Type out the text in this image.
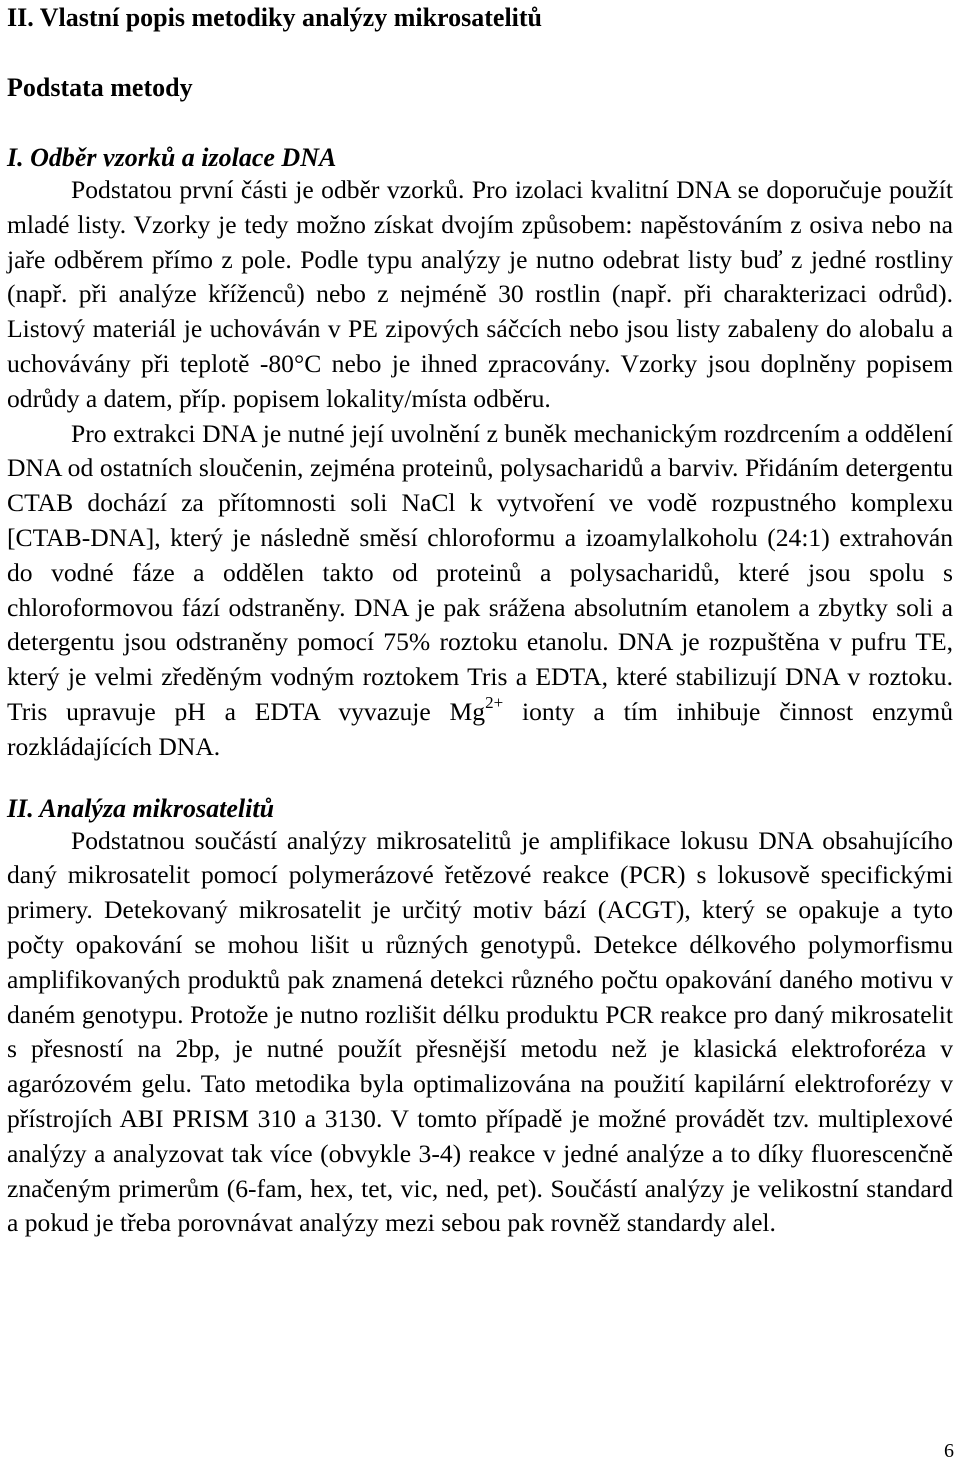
II. Vlastní popis metodiky analýzy mikrosatelitů
Podstata metody
I. Odběr vzorků a izolace DNA

Podstatou první části je odběr vzorků. Pro izolaci kvalitní DNA se doporučuje použít mladé listy. Vzorky je tedy možno získat dvojím způsobem: napěstováním z osiva nebo na jaře odběrem přímo z pole. Podle typu analýzy je nutno odebrat listy buď z jedné rostliny (např. při analýze kříženců) nebo z nejméně 30 rostlin (např. při charakterizaci odrůd). Listový materiál je uchováván v PE zipových sáčcích nebo jsou listy zabaleny do alobalu a uchovávány při teplotě -80°C nebo je ihned zpracovány. Vzorky jsou doplněny popisem odrůdy a datem, příp. popisem lokality/místa odběru.

Pro extrakci DNA je nutné její uvolnění z buněk mechanickým rozdrcením a oddělení DNA od ostatních sloučenin, zejména proteinů, polysacharidů a barviv. Přidáním detergentu CTAB dochází za přítomnosti soli NaCl k vytvoření ve vodě rozpustného komplexu [CTAB-DNA], který je následně směsí chloroformu a izoamylalkoholu (24:1) extrahován do vodné fáze a oddělen takto od proteinů a polysacharidů, které jsou spolu s chloroformovou fází odstraněny. DNA je pak srážena absolutním etanolem a zbytky soli a detergentu jsou odstraněny pomocí 75% roztoku etanolu. DNA je rozpuštěna v pufru TE, který je velmi zředěným vodným roztokem Tris a EDTA, které stabilizují DNA v roztoku. Tris upravuje pH a EDTA vyvazuje $Mg^{2+}$ ionty a tím inhibuje činnost enzymů rozkládajících DNA.

II. Analýza mikrosatelitů

Podstatnou součástí analýzy mikrosatelitů je amplifikace lokusu DNA obsahujícího daný mikrosatelit pomocí polymerázové řetězové reakce (PCR) s lokusově specifickými primery. Detekovaný mikrosatelit je určitý motiv bází (ACGT), který se opakuje a tyto počty opakování se mohou lišit u různých genotypů. Detekce délkového polymorfismu amplifikovaných produktů pak znamená detekci různého počtu opakování daného motivu v daném genotypu. Protože je nutno rozlišit délku produktu PCR reakce pro daný mikrosatelit s přesností na 2bp, je nutné použít přesnější metodu než je klasická elektroforéza v agarózovém gelu. Tato metodika byla optimalizována na použití kapilární elektroforézy v přístrojích ABI PRISM 310 a 3130. V tomto případě je možné provádět tzv. multiplexové analýzy a analyzovat tak více (obvykle 3-4) reakce v jedné analýze a to díky fluorescenčně značeným primerům (6-fam, hex, tet, vic, ned, pet). Součástí analýzy je velikostní standard a pokud je třeba porovnávat analýzy mezi sebou pak rovněž standardy alel.

6
